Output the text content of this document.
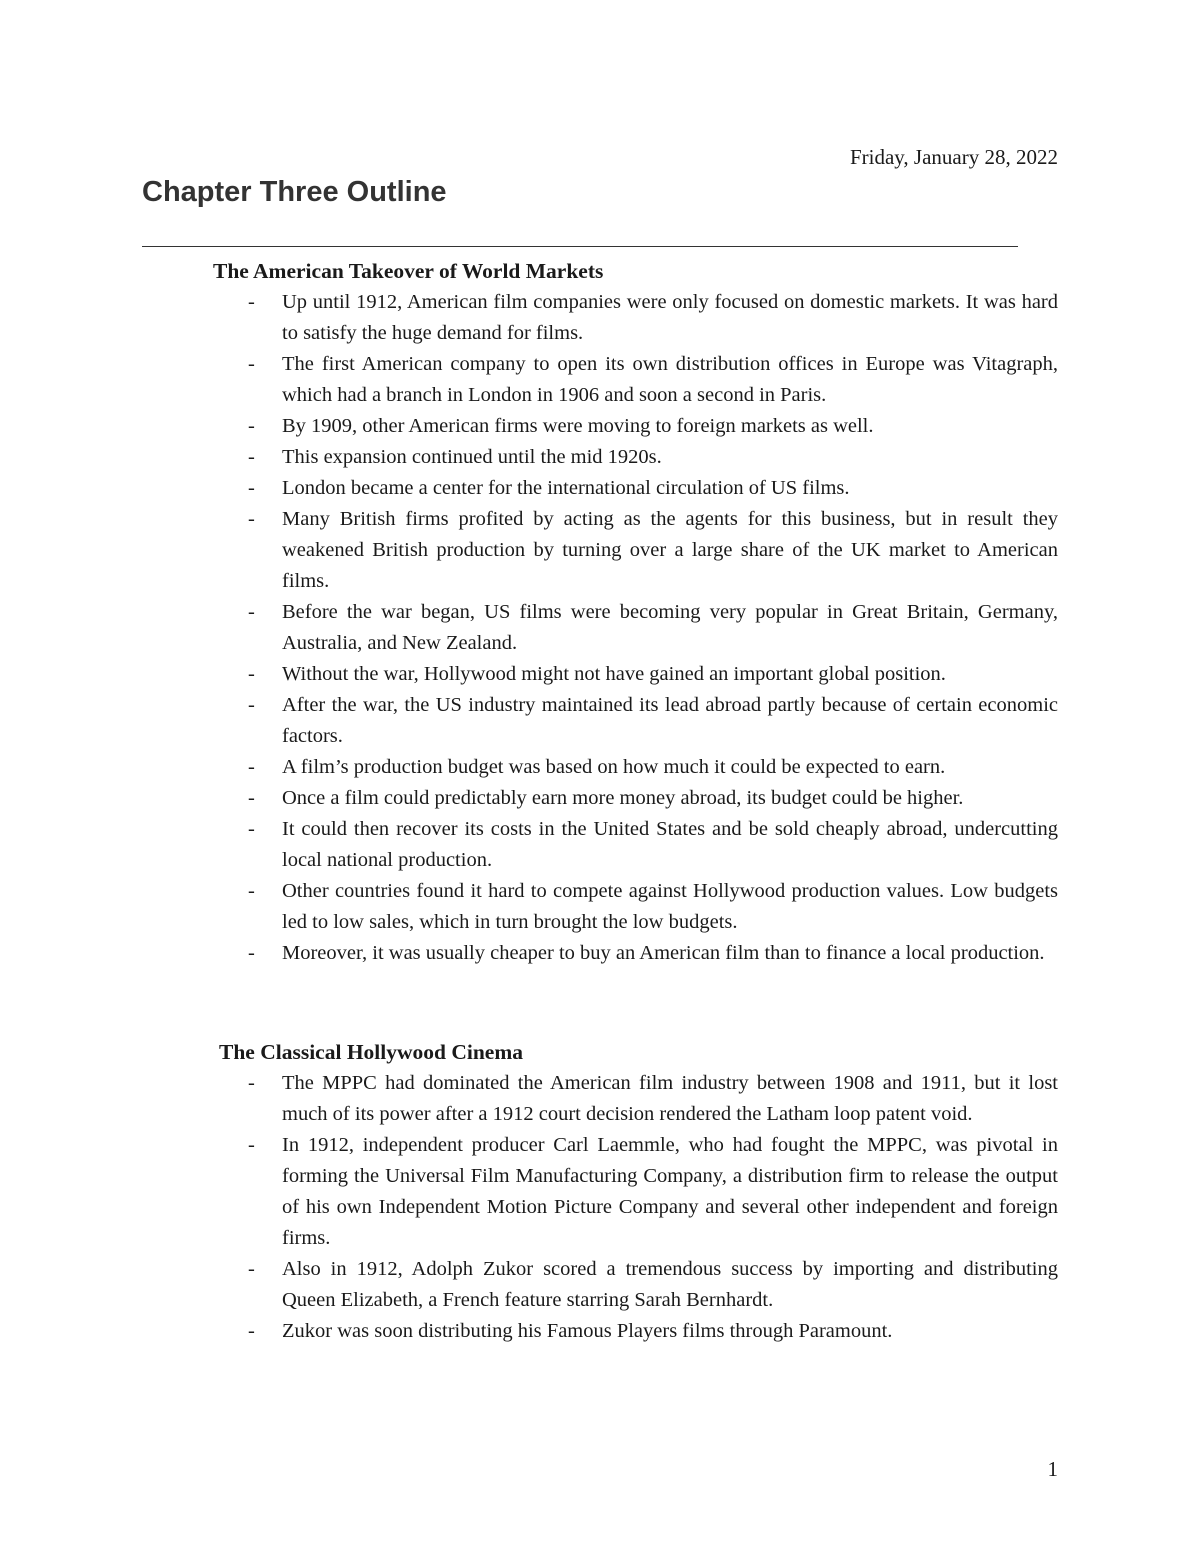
Friday, January 28, 2022
Chapter Three Outline
The American Takeover of World Markets
- Up until 1912, American film companies were only focused on domestic markets. It was hard to satisfy the huge demand for films.
- The first American company to open its own distribution offices in Europe was Vitagraph, which had a branch in London in 1906 and soon a second in Paris.
- By 1909, other American firms were moving to foreign markets as well.
- This expansion continued until the mid 1920s.
- London became a center for the international circulation of US films.
- Many British firms profited by acting as the agents for this business, but in result they weakened British production by turning over a large share of the UK market to American films.
- Before the war began, US films were becoming very popular in Great Britain, Germany, Australia, and New Zealand.
- Without the war, Hollywood might not have gained an important global position.
- After the war, the US industry maintained its lead abroad partly because of certain economic factors.
- A film’s production budget was based on how much it could be expected to earn.
- Once a film could predictably earn more money abroad, its budget could be higher.
- It could then recover its costs in the United States and be sold cheaply abroad, undercutting local national production.
- Other countries found it hard to compete against Hollywood production values. Low budgets led to low sales, which in turn brought the low budgets.
- Moreover, it was usually cheaper to buy an American film than to finance a local production.
The Classical Hollywood Cinema
- The MPPC had dominated the American film industry between 1908 and 1911, but it lost much of its power after a 1912 court decision rendered the Latham loop patent void.
- In 1912, independent producer Carl Laemmle, who had fought the MPPC, was pivotal in forming the Universal Film Manufacturing Company, a distribution firm to release the output of his own Independent Motion Picture Company and several other independent and foreign firms.
- Also in 1912, Adolph Zukor scored a tremendous success by importing and distributing Queen Elizabeth, a French feature starring Sarah Bernhardt.
- Zukor was soon distributing his Famous Players films through Paramount.
1
